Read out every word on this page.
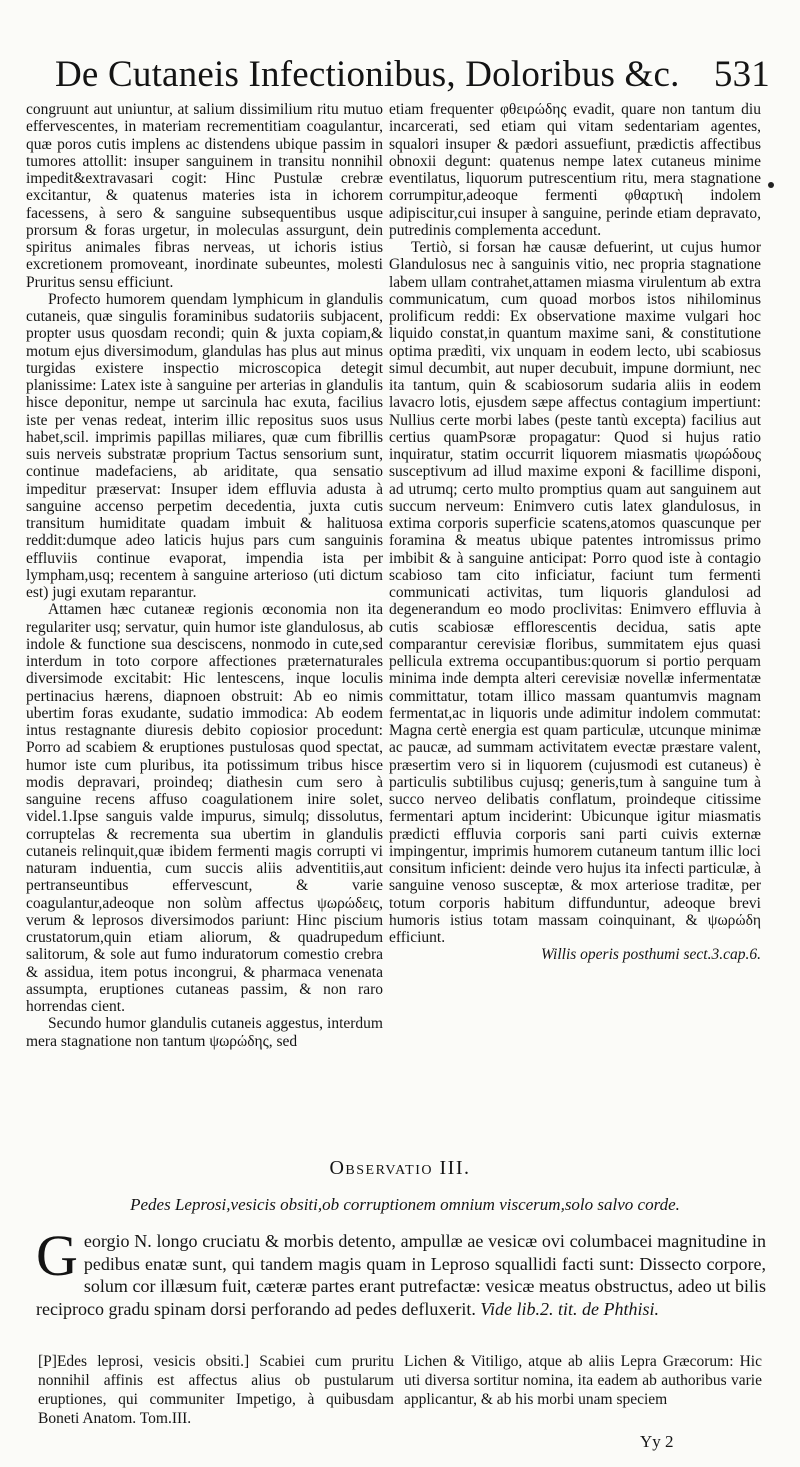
De Cutaneis Infectionibus, Doloribus &c. 531

congruunt aut uniuntur, at salium dissimilium ritu mutuo effervescentes, in materiam recrementitiam coagulantur, quæ poros cutis implens ac distendens ubique passim in tumores attollit: insuper sanguinem in transitu nonnihil impedit&extravasari cogit: Hinc Pustulæ crebræ excitantur, & quatenus materies ista in ichorem facessens, à sero & sanguine subsequentibus usque prorsum & foras urgetur, in moleculas assurgunt, dein spiritus animales fibras nerveas, ut ichoris istius excretionem promoveant, inordinate subeuntes, molesti Pruritus sensu efficiunt.

Profecto humorem quendam lymphicum in glandulis cutaneis, quæ singulis foraminibus sudatoriis subjacent, propter usus quosdam recondi; quin & juxta copiam,& motum ejus diversimodum, glandulas has plus aut minus turgidas existere inspectio microscopica detegit planissime: Latex iste à sanguine per arterias in glandulis hisce deponitur, nempe ut sarcinula hac exuta, facilius iste per venas redeat, interim illic repositus suos usus habet,scil. imprimis papillas miliares, quæ cum fibrillis suis nerveis substratæ proprium Tactus sensorium sunt, continue madefaciens, ab ariditate, qua sensatio impeditur præservat: Insuper idem effluvia adusta à sanguine accenso perpetim decedentia, juxta cutis transitum humiditate quadam imbuit & halituosa reddit:dumque adeo laticis hujus pars cum sanguinis effluviis continue evaporat, impendia ista per lympham,usq; recentem à sanguine arterioso (uti dictum est) jugi exutam reparantur.

Attamen hæc cutaneæ regionis œconomia non ita regulariter usq; servatur, quin humor iste glandulosus, ab indole & functione sua desciscens, nonmodo in cute,sed interdum in toto corpore affectiones præternaturales diversimode excitabit: Hic lentescens, inque loculis pertinacius hærens, diapnoen obstruit: Ab eo nimis ubertim foras exudante, sudatio immodica: Ab eodem intus restagnante diuresis debito copiosior procedunt: Porro ad scabiem & eruptiones pustulosas quod spectat, humor iste cum pluribus, ita potissimum tribus hisce modis depravari, proindeq; diathesin cum sero à sanguine recens affuso coagulationem inire solet, videl.1.Ipse sanguis valde impurus, simulq; dissolutus, corruptelas & recrementa sua ubertim in glandulis cutaneis relinquit,quæ ibidem fermenti magis corrupti vi naturam induentia, cum succis aliis adventitiis,aut pertranseuntibus effervescunt, & varie coagulantur,adeoque non solùm affectus ψωρώδεις, verum & leprosos diversimodos pariunt: Hinc piscium crustatorum,quin etiam aliorum, & quadrupedum salitorum, & sole aut fumo induratorum comestio crebra & assidua, item potus incongrui, & pharmaca venenata assumpta, eruptiones cutaneas passim, & non raro horrendas cient.

Secundo humor glandulis cutaneis aggestus, interdum mera stagnatione non tantum ψωρώδης, sed

etiam frequenter φθειρώδης evadit, quare non tantum diu incarcerati, sed etiam qui vitam sedentariam agentes, squalori insuper & pædori assuefiunt, prædictis affectibus obnoxii degunt: quatenus nempe latex cutaneus minime eventilatus, liquorum putrescentium ritu, mera stagnatione corrumpitur,adeoque fermenti φθαρτικὴ indolem adipiscitur,cui insuper à sanguine, perinde etiam depravato, putredinis complementa accedunt.

Tertiò, si forsan hæ causæ defuerint, ut cujus humor Glandulosus nec à sanguinis vitio, nec propria stagnatione labem ullam contrahet,attamen miasma virulentum ab extra communicatum, cum quoad morbos istos nihilominus prolificum reddi: Ex observatione maxime vulgari hoc liquido constat,in quantum maxime sani, & constitutione optima prædìti, vix unquam in eodem lecto, ubi scabiosus simul decumbit, aut nuper decubuit, impune dormiunt, nec ita tantum, quin & scabiosorum sudaria aliis in eodem lavacro lotis, ejusdem sæpe affectus contagium impertiunt: Nullius certe morbi labes (peste tantù excepta) facilius aut certius quamPsoræ propagatur: Quod si hujus ratio inquiratur, statim occurrit liquorem miasmatis ψωρώδους susceptivum ad illud maxime exponi & facillime disponi, ad utrumq; certo multo promptius quam aut sanguinem aut succum nerveum: Enimvero cutis latex glandulosus, in extima corporis superficie scatens,atomos quascunque per foramina & meatus ubique patentes intromissus primo imbibit & à sanguine anticipat: Porro quod iste à contagio scabioso tam cito inficiatur, faciunt tum fermenti communicati activitas, tum liquoris glandulosi ad degenerandum eo modo proclivitas: Enimvero effluvia à cutis scabiosæ efflorescentis decidua, satis apte comparantur cerevisiæ floribus, summitatem ejus quasi pellicula extrema occupantibus:quorum si portio perquam minima inde dempta alteri cerevisiæ novellæ infermentatæ committatur, totam illico massam quantumvis magnam fermentat,ac in liquoris unde adimitur indolem commutat: Magna certè energia est quam particulæ, utcunque minimæ ac paucæ, ad summam activitatem evectæ præstare valent, præsertim vero si in liquorem (cujusmodi est cutaneus) è particulis subtilibus cujusq; generis,tum à sanguine tum à succo nerveo delibatis conflatum, proindeque citissime fermentari aptum inciderint: Ubicunque igitur miasmatis prædicti effluvia corporis sani parti cuivis externæ impingentur, imprimis humorem cutaneum tantum illic loci consitum inficient: deinde vero hujus ita infecti particulæ, à sanguine venoso susceptæ, & mox arteriose traditæ, per totum corporis habitum diffunduntur, adeoque brevi humoris istius totam massam coinquinant, & ψωρώδη efficiunt.

Willis operis posthumi sect.3.cap.6.

Observatio III.
Pedes Leprosi,vesicis obsiti,ob corruptionem omnium viscerum,solo salvo corde.
G eorgio N. longo cruciatu & morbis detento, ampullæ ae vesicæ ovi columbacei magnitudine in pedibus enatæ sunt, qui tandem magis quam in Leproso squallidi facti sunt: Dissecto corpore, solum cor illæsum fuit, cæteræ partes erant putrefactæ: vesicæ meatus obstructus, adeo ut bilis reciproco gradu spinam dorsi perforando ad pedes defluxerit. Vide lib.2. tit. de Phthisi.
[P]Edes leprosi, vesicis obsiti.] Scabiei cum pruritu nonnihil affinis est affectus alius ob pustularum eruptiones, qui communiter Impetigo, à quibusdam Boneti Anatom. Tom.III.
Lichen & Vitiligo, atque ab aliis Lepra Græcorum: Hic uti diversa sortitur nomina, ita eadem ab authoribus varie applicantur, & ab his morbi unam speciem
Yy 2
